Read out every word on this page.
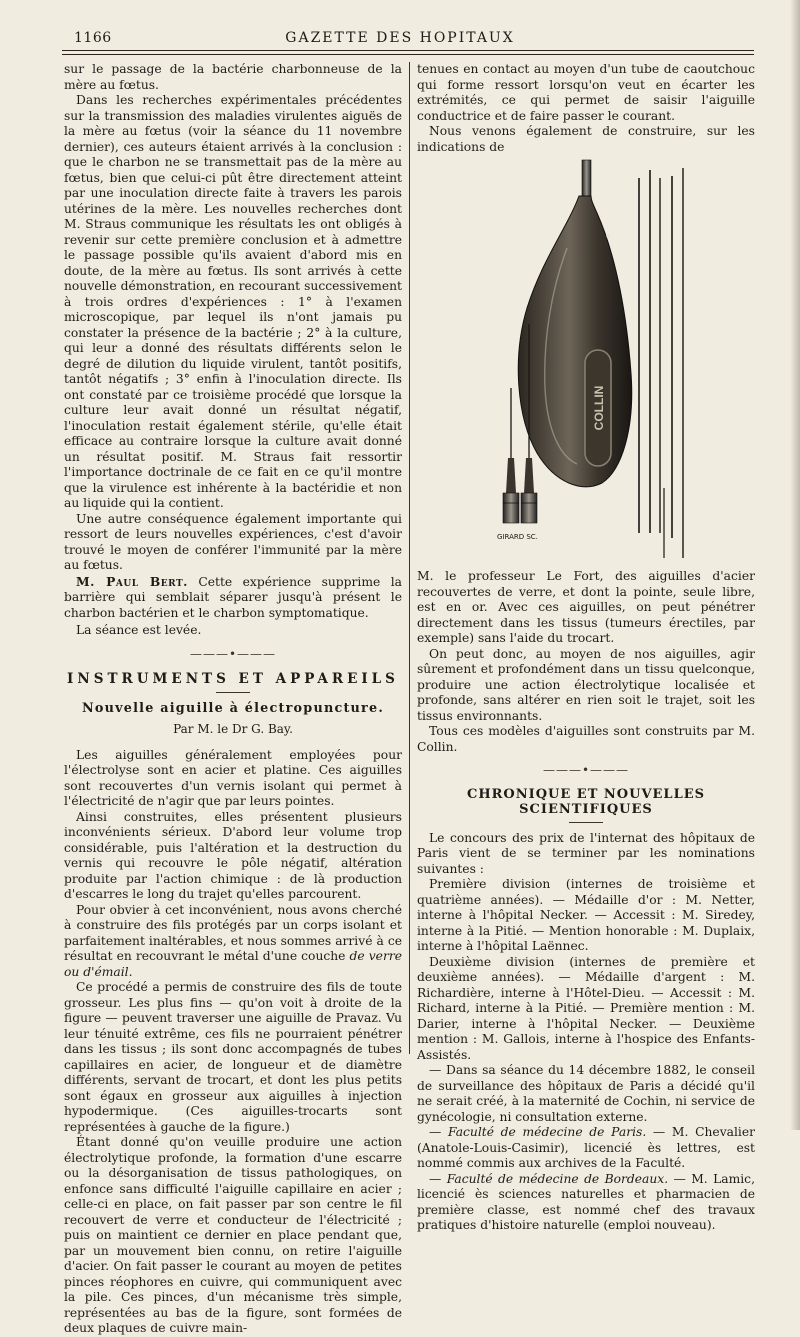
1166	GAZETTE DES HOPITAUX

sur le passage de la bactérie charbonneuse de la mère au fœtus.

Dans les recherches expérimentales précédentes sur la transmission des maladies virulentes aiguës de la mère au fœtus (voir la séance du 11 novembre dernier), ces auteurs étaient arrivés à la conclusion : que le charbon ne se transmettait pas de la mère au fœtus, bien que celui-ci pût être directement atteint par une inoculation directe faite à travers les parois utérines de la mère. Les nouvelles recherches dont M. Straus communique les résultats les ont obligés à revenir sur cette première conclusion et à admettre le passage possible qu'ils avaient d'abord mis en doute, de la mère au fœtus. Ils sont arrivés à cette nouvelle démonstration, en recourant successivement à trois ordres d'expériences : 1° à l'examen microscopique, par lequel ils n'ont jamais pu constater la présence de la bactérie ; 2° à la culture, qui leur a donné des résultats différents selon le degré de dilution du liquide virulent, tantôt positifs, tantôt négatifs ; 3° enfin à l'inoculation directe. Ils ont constaté par ce troisième procédé que lorsque la culture leur avait donné un résultat négatif, l'inoculation restait également stérile, qu'elle était efficace au contraire lorsque la culture avait donné un résultat positif. M. Straus fait ressortir l'importance doctrinale de ce fait en ce qu'il montre que la virulence est inhérente à la bactéridie et non au liquide qui la contient.

Une autre conséquence également importante qui ressort de leurs nouvelles expériences, c'est d'avoir trouvé le moyen de conférer l'immunité par la mère au fœtus.

M. Paul Bert. Cette expérience supprime la barrière qui semblait séparer jusqu'à présent le charbon bactérien et le charbon symptomatique.

La séance est levée.

———•———
INSTRUMENTS ET APPAREILS
Nouvelle aiguille à électropuncture.
Par M. le Dr G. Bay.

Les aiguilles généralement employées pour l'électrolyse sont en acier et platine. Ces aiguilles sont recouvertes d'un vernis isolant qui permet à l'électricité de n'agir que par leurs pointes.

Ainsi construites, elles présentent plusieurs inconvénients sérieux. D'abord leur volume trop considérable, puis l'altération et la destruction du vernis qui recouvre le pôle négatif, altération produite par l'action chimique : de là production d'escarres le long du trajet qu'elles parcourent.

Pour obvier à cet inconvénient, nous avons cherché à construire des fils protégés par un corps isolant et parfaitement inaltérables, et nous sommes arrivé à ce résultat en recouvrant le métal d'une couche de verre ou d'émail.

Ce procédé a permis de construire des fils de toute grosseur. Les plus fins — qu'on voit à droite de la figure — peuvent traverser une aiguille de Pravaz. Vu leur ténuité extrême, ces fils ne pourraient pénétrer dans les tissus ; ils sont donc accompagnés de tubes capillaires en acier, de longueur et de diamètre différents, servant de trocart, et dont les plus petits sont égaux en grosseur aux aiguilles à injection hypodermique. (Ces aiguilles-trocarts sont représentées à gauche de la figure.)

Étant donné qu'on veuille produire une action électrolytique profonde, la formation d'une escarre ou la désorganisation de tissus pathologiques, on enfonce sans difficulté l'aiguille capillaire en acier ; celle-ci en place, on fait passer par son centre le fil recouvert de verre et conducteur de l'électricité ; puis on maintient ce dernier en place pendant que, par un mouvement bien connu, on retire l'aiguille d'acier. On fait passer le courant au moyen de petites pinces réophores en cuivre, qui communiquent avec la pile. Ces pinces, d'un mécanisme très simple, représentées au bas de la figure, sont formées de deux plaques de cuivre main-

tenues en contact au moyen d'un tube de caoutchouc qui forme ressort lorsqu'on veut en écarter les extrémités, ce qui permet de saisir l'aiguille conductrice et de faire passer le courant.

Nous venons également de construire, sur les indications de

COLLIN
GIRARD SC.

M. le professeur Le Fort, des aiguilles d'acier recouvertes de verre, et dont la pointe, seule libre, est en or. Avec ces aiguilles, on peut pénétrer directement dans les tissus (tumeurs érectiles, par exemple) sans l'aide du trocart.

On peut donc, au moyen de nos aiguilles, agir sûrement et profondément dans un tissu quelconque, produire une action électrolytique localisée et profonde, sans altérer en rien soit le trajet, soit les tissus environnants.

Tous ces modèles d'aiguilles sont construits par M. Collin.

———•———
CHRONIQUE ET NOUVELLES SCIENTIFIQUES

Le concours des prix de l'internat des hôpitaux de Paris vient de se terminer par les nominations suivantes :

Première division (internes de troisième et quatrième années). — Médaille d'or : M. Netter, interne à l'hôpital Necker. — Accessit : M. Siredey, interne à la Pitié. — Mention honorable : M. Duplaix, interne à l'hôpital Laënnec.

Deuxième division (internes de première et deuxième années). — Médaille d'argent : M. Richardière, interne à l'Hôtel-Dieu. — Accessit : M. Richard, interne à la Pitié. — Première mention : M. Darier, interne à l'hôpital Necker. — Deuxième mention : M. Gallois, interne à l'hospice des Enfants-Assistés.

— Dans sa séance du 14 décembre 1882, le conseil de surveillance des hôpitaux de Paris a décidé qu'il ne serait créé, à la maternité de Cochin, ni service de gynécologie, ni consultation externe.

— Faculté de médecine de Paris. — M. Chevalier (Anatole-Louis-Casimir), licencié ès lettres, est nommé commis aux archives de la Faculté.

— Faculté de médecine de Bordeaux. — M. Lamic, licencié ès sciences naturelles et pharmacien de première classe, est nommé chef des travaux pratiques d'histoire naturelle (emploi nouveau).
